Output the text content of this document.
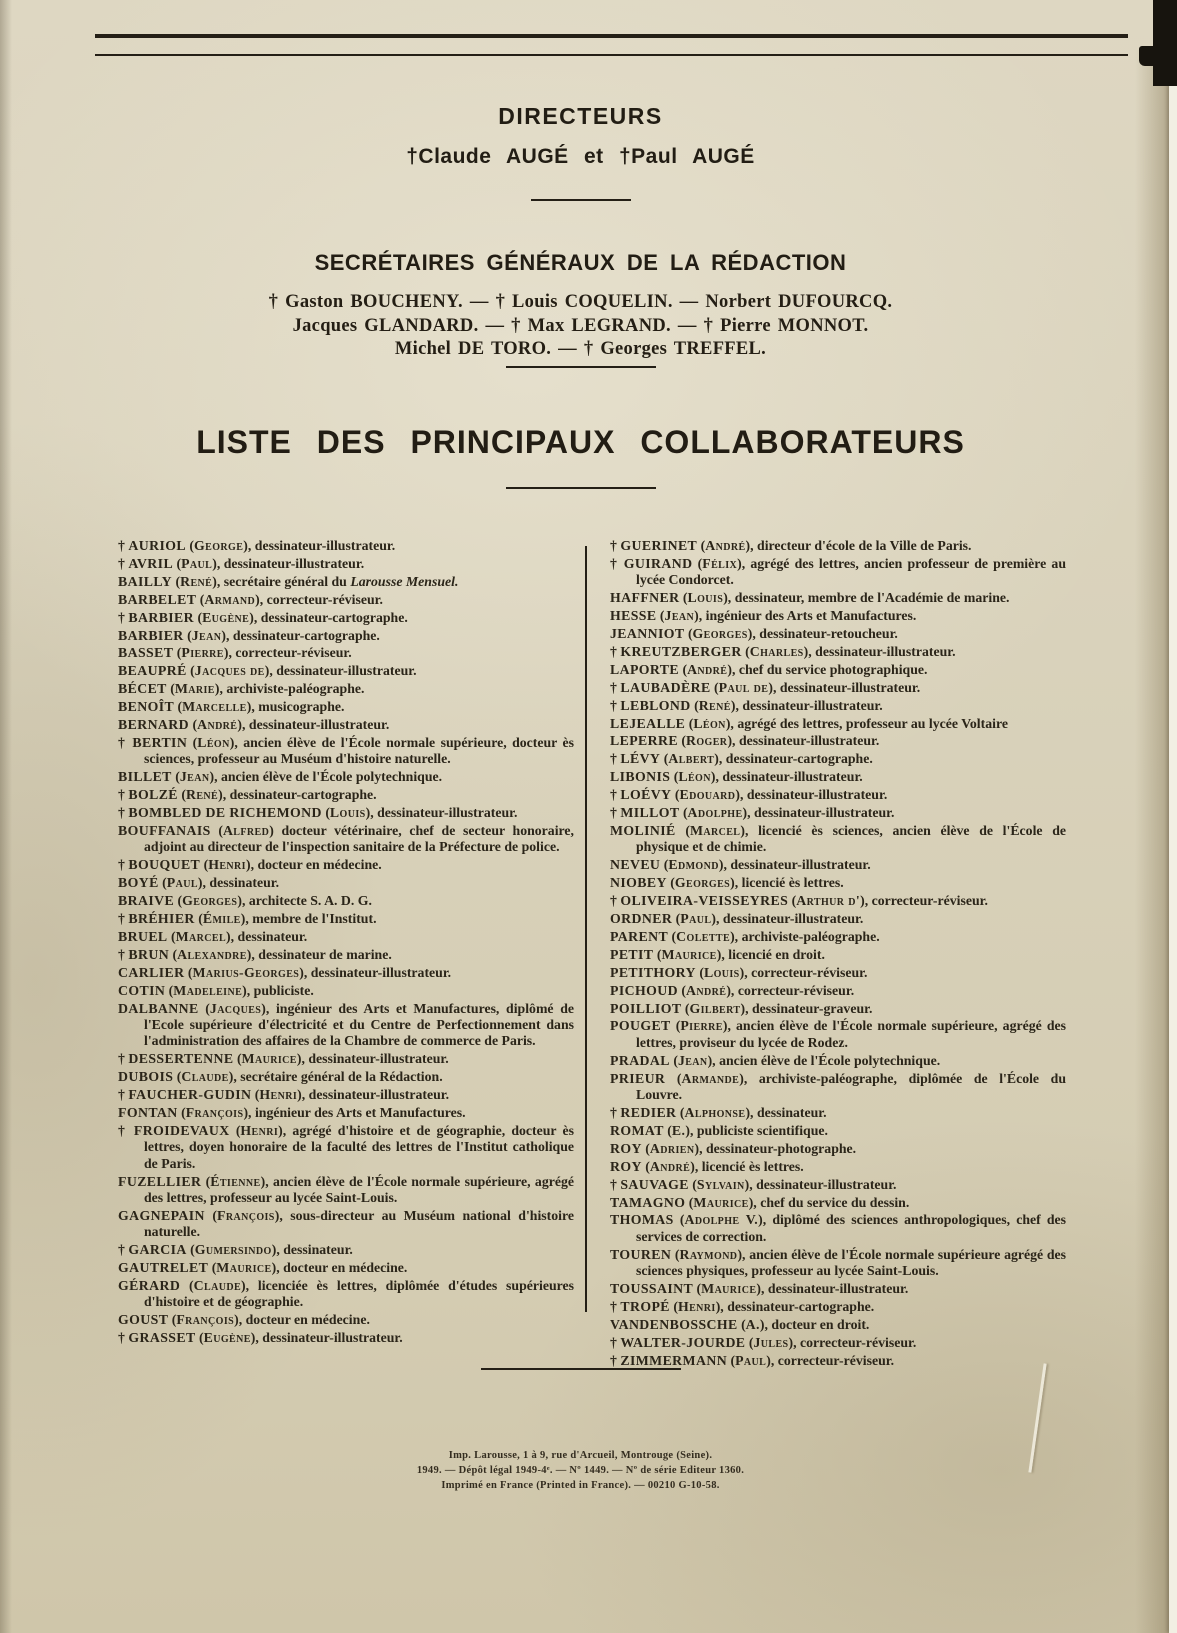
DIRECTEURS
†Claude AUGÉ et †Paul AUGÉ
SECRÉTAIRES GÉNÉRAUX DE LA RÉDACTION
† Gaston BOUCHENY. — † Louis COQUELIN. — Norbert DUFOURCQ.
Jacques GLANDARD. — † Max LEGRAND. — † Pierre MONNOT.
Michel DE TORO. — † Georges TREFFEL.
LISTE DES PRINCIPAUX COLLABORATEURS
† AURIOL (George), dessinateur-illustrateur.
† AVRIL (Paul), dessinateur-illustrateur.
BAILLY (René), secrétaire général du Larousse Mensuel.
BARBELET (Armand), correcteur-réviseur.
† BARBIER (Eugène), dessinateur-cartographe.
BARBIER (Jean), dessinateur-cartographe.
BASSET (Pierre), correcteur-réviseur.
BEAUPRÉ (Jacques de), dessinateur-illustrateur.
BÉCET (Marie), archiviste-paléographe.
BENOÎT (Marcelle), musicographe.
BERNARD (André), dessinateur-illustrateur.
† BERTIN (Léon), ancien élève de l'École normale supérieure, docteur ès sciences, professeur au Muséum d'histoire naturelle.
BILLET (Jean), ancien élève de l'École polytechnique.
† BOLZÉ (René), dessinateur-cartographe.
† BOMBLED DE RICHEMOND (Louis), dessinateur-illustrateur.
BOUFFANAIS (Alfred) docteur vétérinaire, chef de secteur honoraire, adjoint au directeur de l'inspection sanitaire de la Préfecture de police.
† BOUQUET (Henri), docteur en médecine.
BOYÉ (Paul), dessinateur.
BRAIVE (Georges), architecte S. A. D. G.
† BRÉHIER (Émile), membre de l'Institut.
BRUEL (Marcel), dessinateur.
† BRUN (Alexandre), dessinateur de marine.
CARLIER (Marius-Georges), dessinateur-illustrateur.
COTIN (Madeleine), publiciste.
DALBANNE (Jacques), ingénieur des Arts et Manufactures, diplômé de l'Ecole supérieure d'électricité et du Centre de Perfectionnement dans l'administration des affaires de la Chambre de commerce de Paris.
† DESSERTENNE (Maurice), dessinateur-illustrateur.
DUBOIS (Claude), secrétaire général de la Rédaction.
† FAUCHER-GUDIN (Henri), dessinateur-illustrateur.
FONTAN (François), ingénieur des Arts et Manufactures.
† FROIDEVAUX (Henri), agrégé d'histoire et de géographie, docteur ès lettres, doyen honoraire de la faculté des lettres de l'Institut catholique de Paris.
FUZELLIER (Étienne), ancien élève de l'École normale supérieure, agrégé des lettres, professeur au lycée Saint-Louis.
GAGNEPAIN (François), sous-directeur au Muséum national d'histoire naturelle.
† GARCIA (Gumersindo), dessinateur.
GAUTRELET (Maurice), docteur en médecine.
GÉRARD (Claude), licenciée ès lettres, diplômée d'études supérieures d'histoire et de géographie.
GOUST (François), docteur en médecine.
† GRASSET (Eugène), dessinateur-illustrateur.
† GUERINET (André), directeur d'école de la Ville de Paris.
† GUIRAND (Félix), agrégé des lettres, ancien professeur de première au lycée Condorcet.
HAFFNER (Louis), dessinateur, membre de l'Académie de marine.
HESSE (Jean), ingénieur des Arts et Manufactures.
JEANNIOT (Georges), dessinateur-retoucheur.
† KREUTZBERGER (Charles), dessinateur-illustrateur.
LAPORTE (André), chef du service photographique.
† LAUBADÈRE (Paul de), dessinateur-illustrateur.
† LEBLOND (René), dessinateur-illustrateur.
LEJEALLE (Léon), agrégé des lettres, professeur au lycée Voltaire
LEPERRE (Roger), dessinateur-illustrateur.
† LÉVY (Albert), dessinateur-cartographe.
LIBONIS (Léon), dessinateur-illustrateur.
† LOÉVY (Edouard), dessinateur-illustrateur.
† MILLOT (Adolphe), dessinateur-illustrateur.
MOLINIÉ (Marcel), licencié ès sciences, ancien élève de l'École de physique et de chimie.
NEVEU (Edmond), dessinateur-illustrateur.
NIOBEY (Georges), licencié ès lettres.
† OLIVEIRA-VEISSEYRES (Arthur d'), correcteur-réviseur.
ORDNER (Paul), dessinateur-illustrateur.
PARENT (Colette), archiviste-paléographe.
PETIT (Maurice), licencié en droit.
PETITHORY (Louis), correcteur-réviseur.
PICHOUD (André), correcteur-réviseur.
POILLIOT (Gilbert), dessinateur-graveur.
POUGET (Pierre), ancien élève de l'École normale supérieure, agrégé des lettres, proviseur du lycée de Rodez.
PRADAL (Jean), ancien élève de l'École polytechnique.
PRIEUR (Armande), archiviste-paléographe, diplômée de l'École du Louvre.
† REDIER (Alphonse), dessinateur.
ROMAT (E.), publiciste scientifique.
ROY (Adrien), dessinateur-photographe.
ROY (André), licencié ès lettres.
† SAUVAGE (Sylvain), dessinateur-illustrateur.
TAMAGNO (Maurice), chef du service du dessin.
THOMAS (Adolphe V.), diplômé des sciences anthropologiques, chef des services de correction.
TOUREN (Raymond), ancien élève de l'École normale supérieure agrégé des sciences physiques, professeur au lycée Saint-Louis.
TOUSSAINT (Maurice), dessinateur-illustrateur.
† TROPÉ (Henri), dessinateur-cartographe.
VANDENBOSSCHE (A.), docteur en droit.
† WALTER-JOURDE (Jules), correcteur-réviseur.
† ZIMMERMANN (Paul), correcteur-réviseur.

Imp. Larousse, 1 à 9, rue d'Arcueil, Montrouge (Seine).

1949. — Dépôt légal 1949-4ᵉ. — Nº 1449. — Nº de série Editeur 1360.

Imprimé en France (Printed in France). — 00210 G-10-58.
